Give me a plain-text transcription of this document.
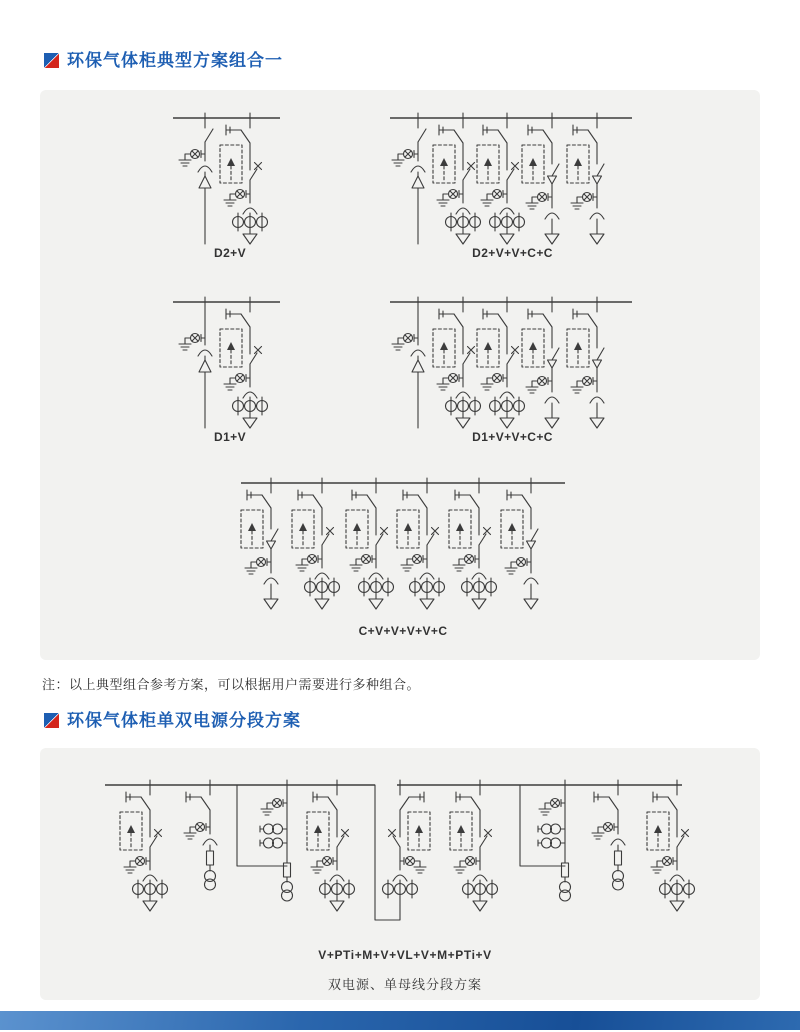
环保气体柜典型方案组合一
D2+V	D2+V+V+C+C
D1+V	D1+V+V+C+C
C+V+V+V+V+C
注：以上典型组合参考方案，可以根据用户需要进行多种组合。
环保气体柜单双电源分段方案
V+PTi+M+V+VL+V+M+PTi+V
双电源、单母线分段方案
